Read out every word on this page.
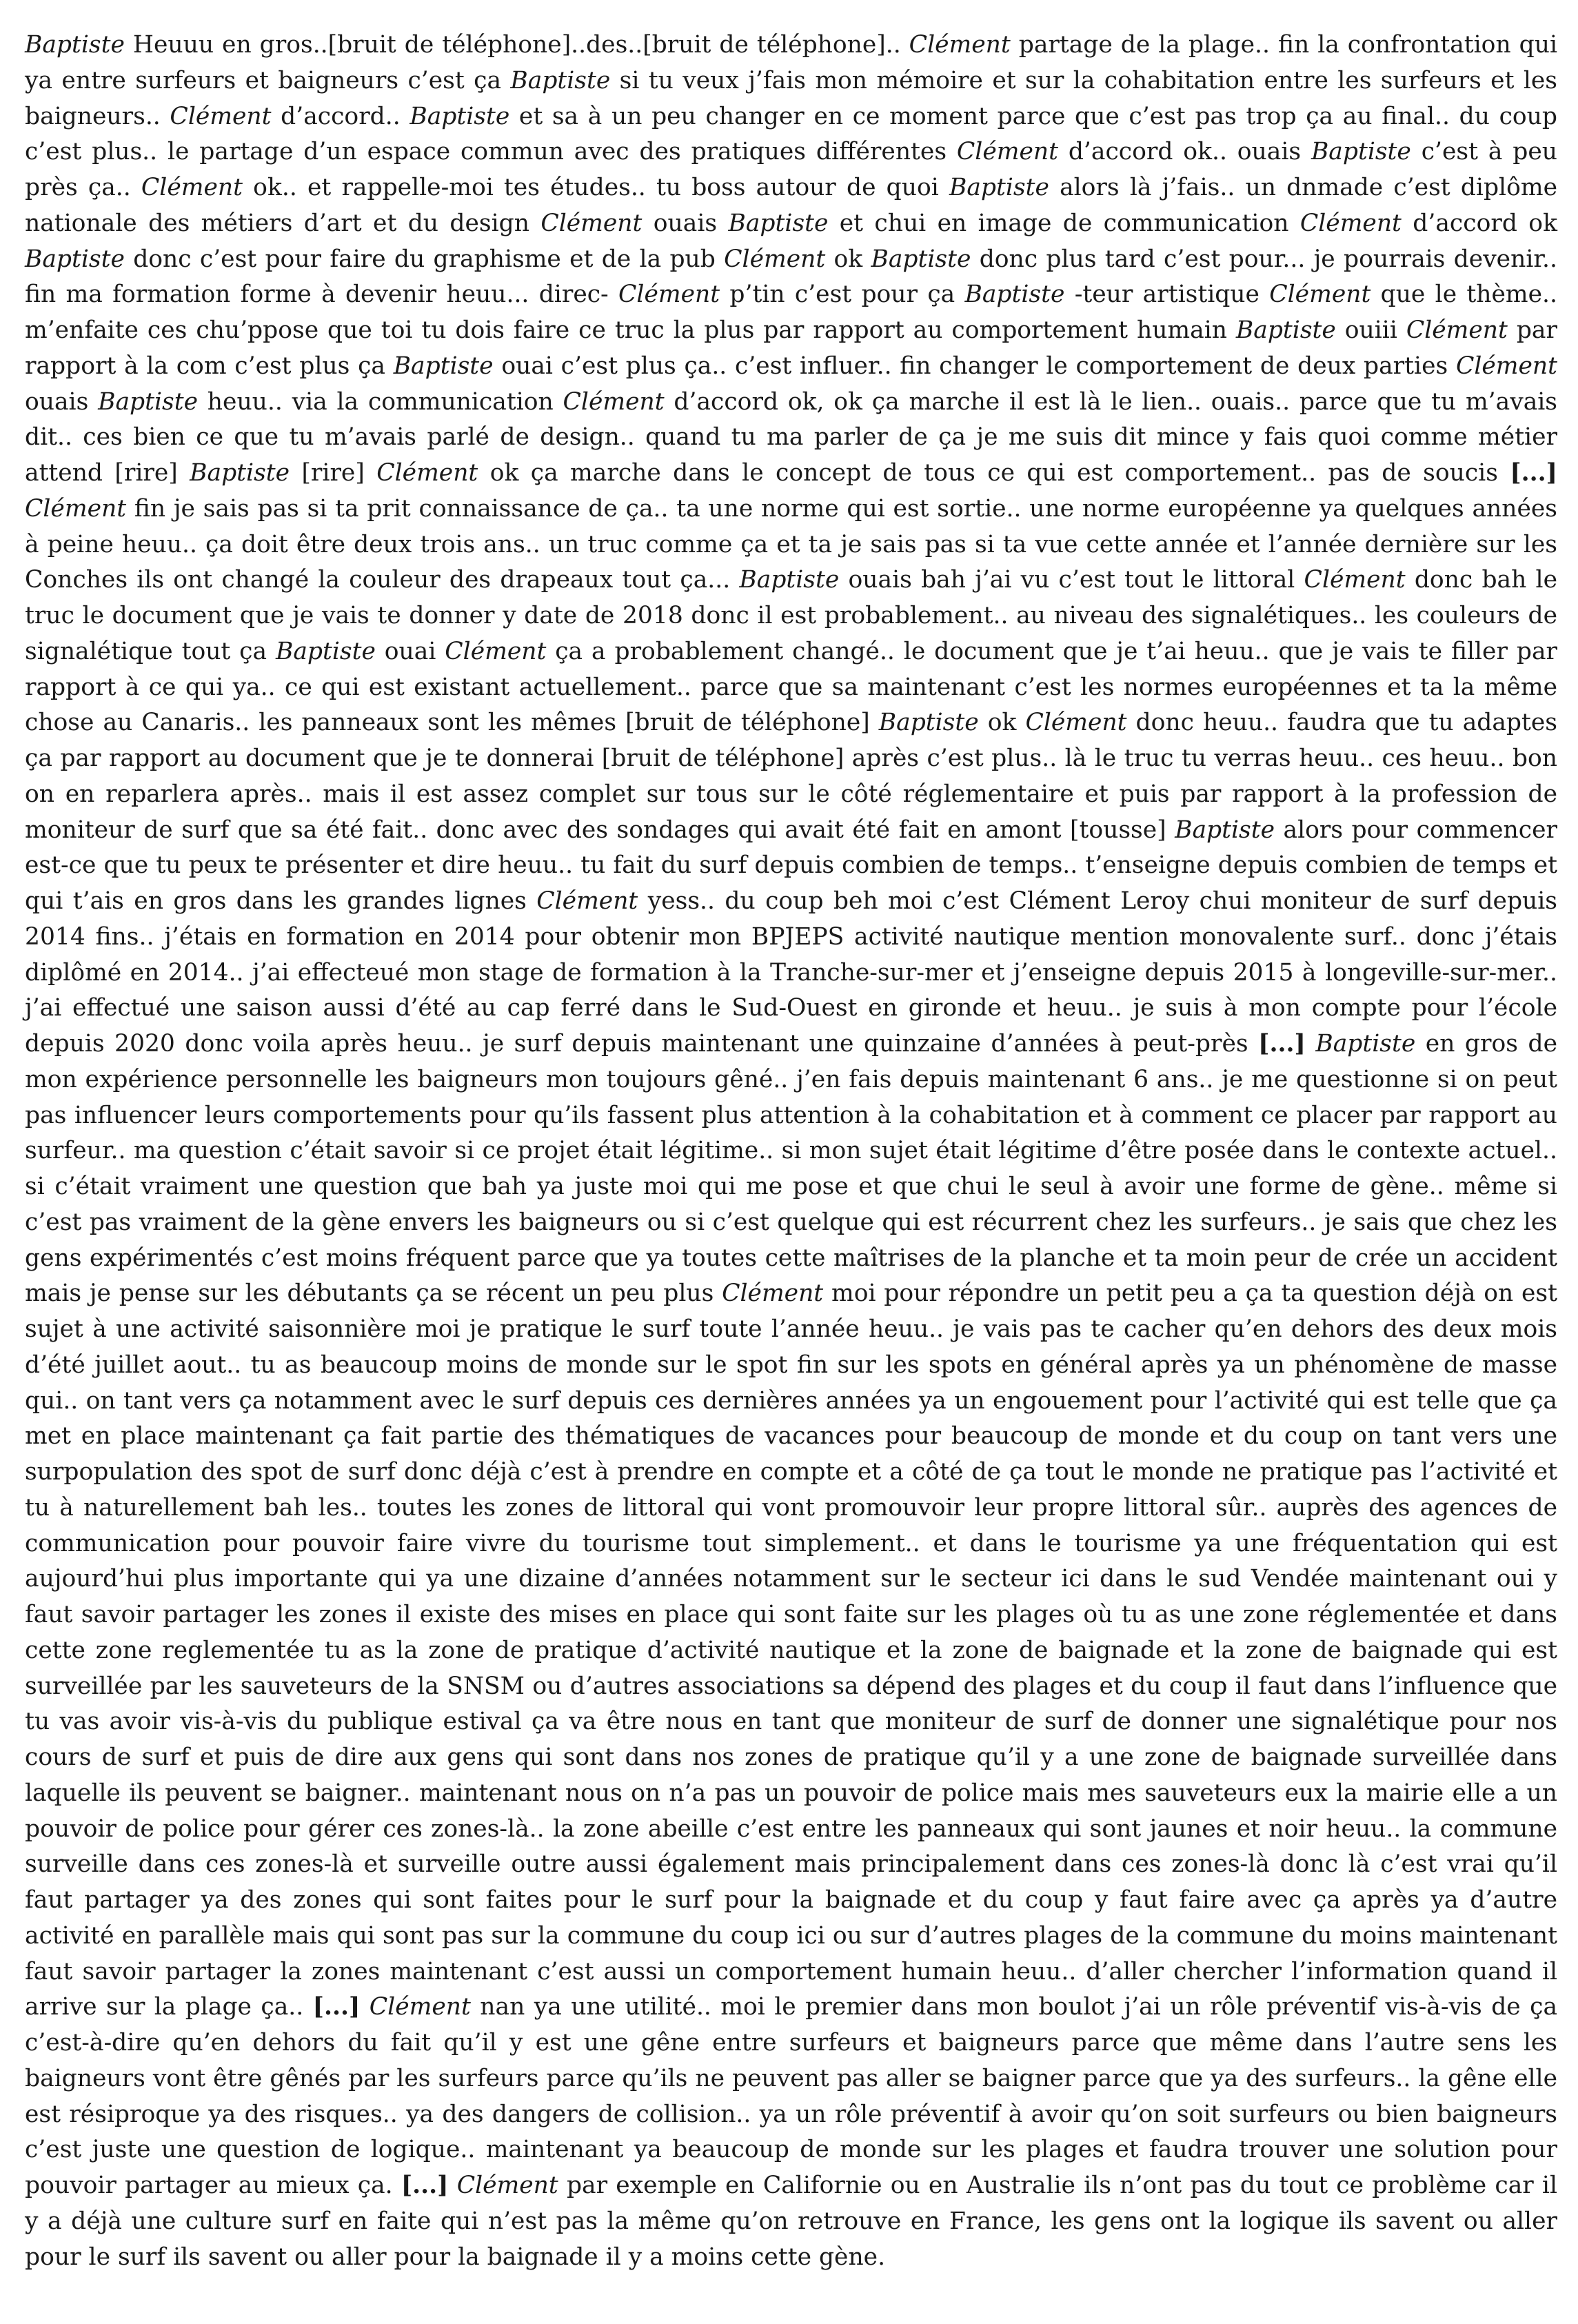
Baptiste Heuuu en gros..[bruit de téléphone]..des..[bruit de téléphone].. Clément partage de la plage.. fin la confrontation qui ya entre surfeurs et baigneurs c’est ça Baptiste si tu veux j’fais mon mémoire et sur la cohabitation entre les surfeurs et les baigneurs.. Clément d’accord.. Baptiste et sa à un peu changer en ce moment parce que c’est pas trop ça au final.. du coup c’est plus.. le partage d’un espace commun avec des pratiques différentes Clément d’accord ok.. ouais Baptiste c’est à peu près ça.. Clément ok.. et rappelle-moi tes études.. tu boss autour de quoi Baptiste alors là j’fais.. un dnmade c’est diplôme nationale des métiers d’art et du design Clément ouais Baptiste et chui en image de communication Clément d’accord ok Baptiste donc c’est pour faire du graphisme et de la pub Clément ok Baptiste donc plus tard c’est pour... je pourrais devenir.. fin ma formation forme à devenir heuu... direc- Clément p’tin c’est pour ça Baptiste -teur artistique Clément que le thème.. m’enfaite ces chu’ppose que toi tu dois faire ce truc la plus par rapport au comportement humain Baptiste ouiii Clément par rapport à la com c’est plus ça Baptiste ouai c’est plus ça.. c’est influer.. fin changer le comportement de deux parties Clément ouais Baptiste heuu.. via la communication Clément d’accord ok, ok ça marche il est là le lien.. ouais.. parce que tu m’avais dit.. ces bien ce que tu m’avais parlé de design.. quand tu ma parler de ça je me suis dit mince y fais quoi comme métier attend [rire] Baptiste [rire] Clément ok ça marche dans le concept de tous ce qui est comportement.. pas de soucis [...] Clément fin je sais pas si ta prit connaissance de ça.. ta une norme qui est sortie.. une norme européenne ya quelques années à peine heuu.. ça doit être deux trois ans.. un truc comme ça et ta je sais pas si ta vue cette année et l’année dernière sur les Conches ils ont changé la couleur des drapeaux tout ça... Baptiste ouais bah j’ai vu c’est tout le littoral Clément donc bah le truc le document que je vais te donner y date de 2018 donc il est probablement.. au niveau des signalétiques.. les couleurs de signalétique tout ça Baptiste ouai Clément ça a probablement changé.. le document que je t’ai heuu.. que je vais te filler par rapport à ce qui ya.. ce qui est existant actuellement.. parce que sa maintenant c’est les normes européennes et ta la même chose au Canaris.. les panneaux sont les mêmes [bruit de téléphone] Baptiste ok Clément donc heuu.. faudra que tu adaptes ça par rapport au document que je te donnerai [bruit de téléphone] après c’est plus.. là le truc tu verras heuu.. ces heuu.. bon on en reparlera après.. mais il est assez complet sur tous sur le côté réglementaire et puis par rapport à la profession de moniteur de surf que sa été fait.. donc avec des sondages qui avait été fait en amont [tousse] Baptiste alors pour commencer est-ce que tu peux te présenter et dire heuu.. tu fait du surf depuis combien de temps.. t’enseigne depuis combien de temps et qui t’ais en gros dans les grandes lignes Clément yess.. du coup beh moi c’est Clément Leroy chui moniteur de surf depuis 2014 fins.. j’étais en formation en 2014 pour obtenir mon BPJEPS activité nautique mention monovalente surf.. donc j’étais diplômé en 2014.. j’ai effecteué mon stage de formation à la Tranche-sur-mer et j’enseigne depuis 2015 à longeville-sur-mer.. j’ai effectué une saison aussi d’été au cap ferré dans le Sud-Ouest en gironde et heuu.. je suis à mon compte pour l’école depuis 2020 donc voila après heuu.. je surf depuis maintenant une quinzaine d’années à peut-près [...] Baptiste en gros de mon expérience personnelle les baigneurs mon toujours gêné.. j’en fais depuis maintenant 6 ans.. je me questionne si on peut pas influencer leurs comportements pour qu’ils fassent plus attention à la cohabitation et à comment ce placer par rapport au surfeur.. ma question c’était savoir si ce projet était légitime.. si mon sujet était légitime d’être posée dans le contexte actuel.. si c’était vraiment une question que bah ya juste moi qui me pose et que chui le seul à avoir une forme de gène.. même si c’est pas vraiment de la gène envers les baigneurs ou si c’est quelque qui est récurrent chez les surfeurs.. je sais que chez les gens expérimentés c’est moins fréquent parce que ya toutes cette maîtrises de la planche et ta moin peur de crée un accident mais je pense sur les débutants ça se récent un peu plus Clément moi pour répondre un petit peu a ça ta question déjà on est sujet à une activité saisonnière moi je pratique le surf toute l’année heuu.. je vais pas te cacher qu’en dehors des deux mois d’été juillet aout.. tu as beaucoup moins de monde sur le spot fin sur les spots en général après ya un phénomène de masse qui.. on tant vers ça notamment avec le surf depuis ces dernières années ya un engouement pour l’activité qui est telle que ça met en place maintenant ça fait partie des thématiques de vacances pour beaucoup de monde et du coup on tant vers une surpopulation des spot de surf donc déjà c’est à prendre en compte et a côté de ça tout le monde ne pratique pas l’activité et tu à naturellement bah les.. toutes les zones de littoral qui vont promouvoir leur propre littoral sûr.. auprès des agences de communication pour pouvoir faire vivre du tourisme tout simplement.. et dans le tourisme ya une fréquentation qui est aujourd’hui plus importante qui ya une dizaine d’années notamment sur le secteur ici dans le sud Vendée maintenant oui y faut savoir partager les zones il existe des mises en place qui sont faite sur les plages où tu as une zone réglementée et dans cette zone reglementée tu as la zone de pratique d’activité nautique et la zone de baignade et la zone de baignade qui est surveillée par les sauveteurs de la SNSM ou d’autres associations sa dépend des plages et du coup il faut dans l’influence que tu vas avoir vis-à-vis du publique estival ça va être nous en tant que moniteur de surf de donner une signalétique pour nos cours de surf et puis de dire aux gens qui sont dans nos zones de pratique qu’il y a une zone de baignade surveillée dans laquelle ils peuvent se baigner.. maintenant nous on n’a pas un pouvoir de police mais mes sauveteurs eux la mairie elle a un pouvoir de police pour gérer ces zones-là.. la zone abeille c’est entre les panneaux qui sont jaunes et noir heuu.. la commune surveille dans ces zones-là et surveille outre aussi également mais principalement dans ces zones-là donc là c’est vrai qu’il faut partager ya des zones qui sont faites pour le surf pour la baignade et du coup y faut faire avec ça après ya d’autre activité en parallèle mais qui sont pas sur la commune du coup ici ou sur d’autres plages de la commune du moins maintenant faut savoir partager la zones maintenant c’est aussi un comportement humain heuu.. d’aller chercher l’information quand il arrive sur la plage ça.. [...] Clément nan ya une utilité.. moi le premier dans mon boulot j’ai un rôle préventif vis-à-vis de ça c’est-à-dire qu’en dehors du fait qu’il y est une gêne entre surfeurs et baigneurs parce que même dans l’autre sens les baigneurs vont être gênés par les surfeurs parce qu’ils ne peuvent pas aller se baigner parce que ya des surfeurs.. la gêne elle est résiproque ya des risques.. ya des dangers de collision.. ya un rôle préventif à avoir qu’on soit surfeurs ou bien baigneurs c’est juste une question de logique.. maintenant ya beaucoup de monde sur les plages et faudra trouver une solution pour pouvoir partager au mieux ça. [...] Clément par exemple en Californie ou en Australie ils n’ont pas du tout ce problème car il y a déjà une culture surf en faite qui n’est pas la même qu’on retrouve en France, les gens ont la logique ils savent ou aller pour le surf ils savent ou aller pour la baignade il y a moins cette gène.
